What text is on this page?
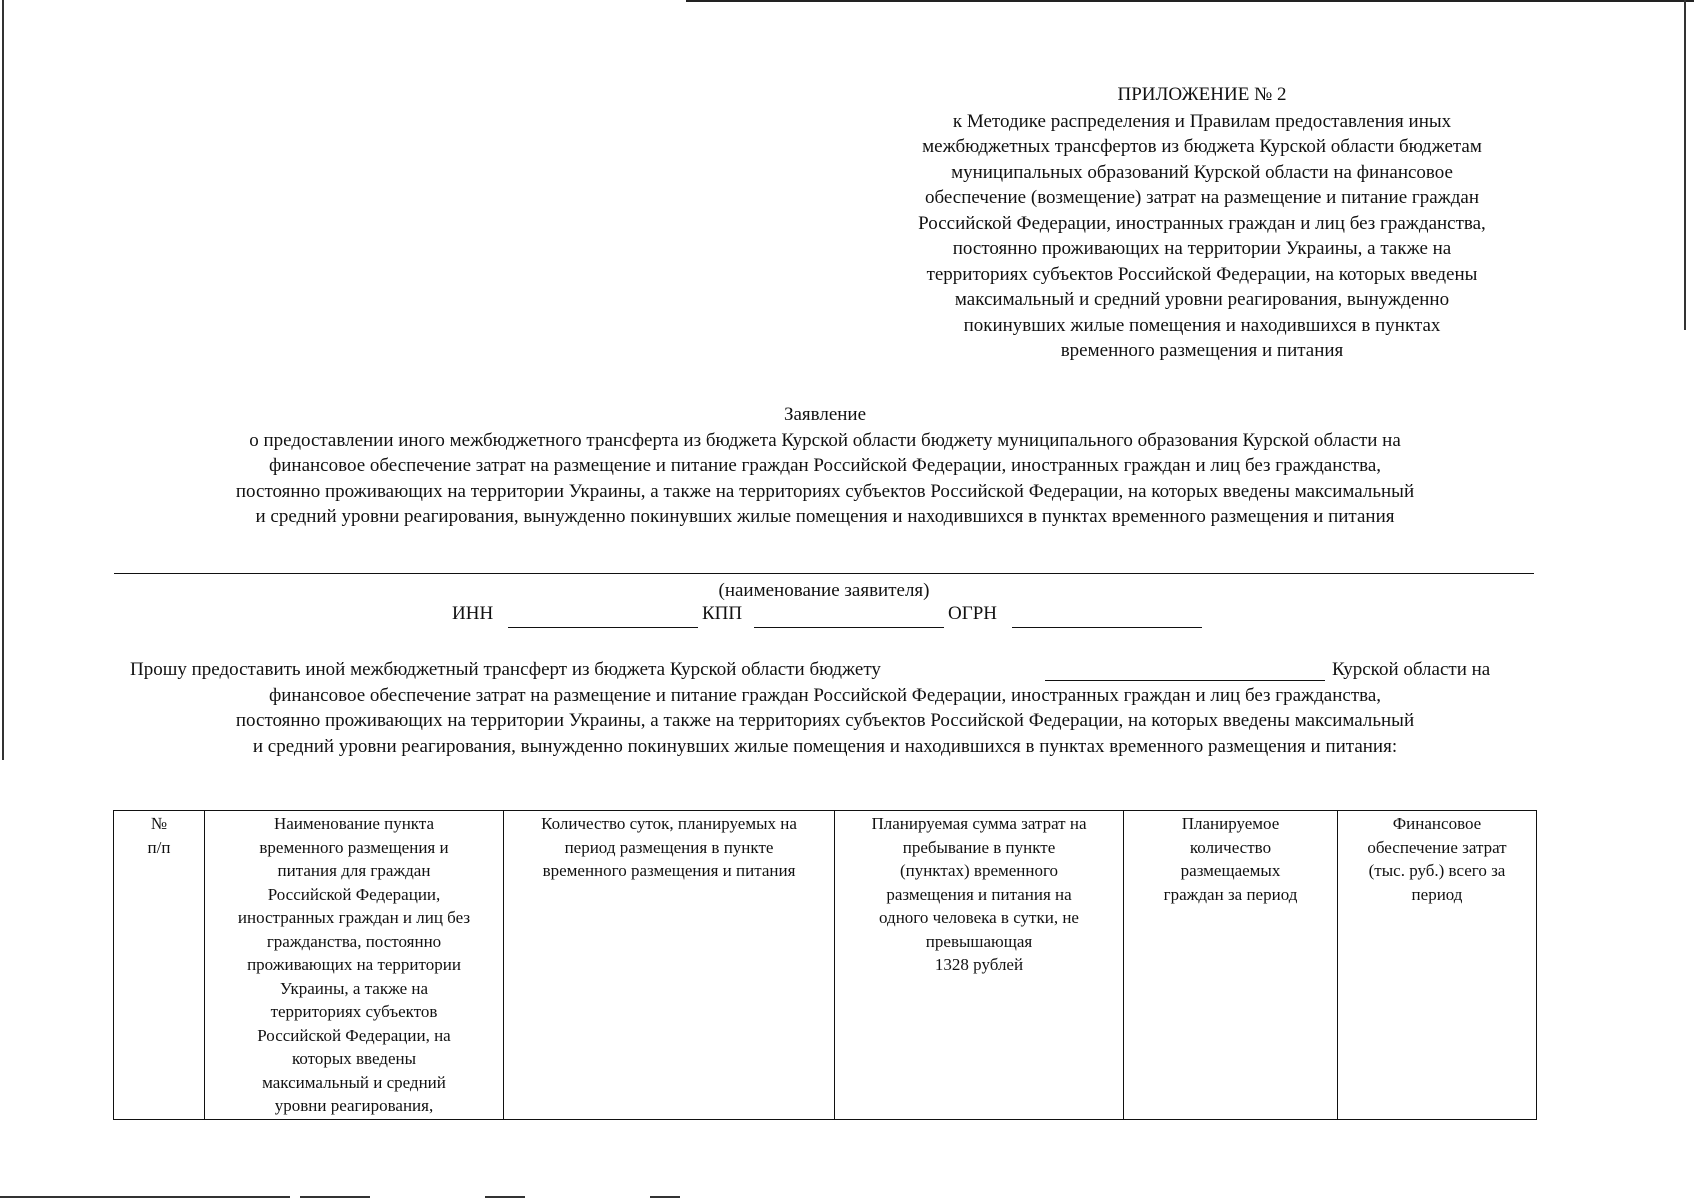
ПРИЛОЖЕНИЕ № 2
к Методике распределения и Правилам предоставления иных
межбюджетных трансфертов из бюджета Курской области бюджетам
муниципальных образований Курской области на финансовое
обеспечение (возмещение) затрат на размещение и питание граждан
Российской Федерации, иностранных граждан и лиц без гражданства,
постоянно проживающих на территории Украины, а также на
территориях субъектов Российской Федерации, на которых введены
максимальный и средний уровни реагирования, вынужденно
покинувших жилые помещения и находившихся в пунктах
временного размещения и питания
Заявление
о предоставлении иного межбюджетного трансферта из бюджета Курской области бюджету муниципального образования Курской области на
финансовое обеспечение затрат на размещение и питание граждан Российской Федерации, иностранных граждан и лиц без гражданства,
постоянно проживающих на территории Украины, а также на территориях субъектов Российской Федерации, на которых введены максимальный
и средний уровни реагирования, вынужденно покинувших жилые помещения и находившихся в пунктах временного размещения и питания
(наименование заявителя)
ИНН	КПП	ОГРН
Прошу предоставить иной межбюджетный трансферт из бюджета Курской области бюджету	Курской области на
финансовое обеспечение затрат на размещение и питание граждан Российской Федерации, иностранных граждан и лиц без гражданства,
постоянно проживающих на территории Украины, а также на территориях субъектов Российской Федерации, на которых введены максимальный
и средний уровни реагирования, вынужденно покинувших жилые помещения и находившихся в пунктах временного размещения и питания:
№
п/п

Наименование пункта
временного размещения и
питания для граждан
Российской Федерации,
иностранных граждан и лиц без
гражданства, постоянно
проживающих на территории
Украины, а также на
территориях субъектов
Российской Федерации, на
которых введены
максимальный и средний
уровни реагирования,

Количество суток, планируемых на
период размещения в пункте
временного размещения и питания

Планируемая сумма затрат на
пребывание в пункте
(пунктах) временного
размещения и питания на
одного человека в сутки, не
превышающая
1328 рублей

Планируемое
количество
размещаемых
граждан за период

Финансовое
обеспечение затрат
(тыс. руб.) всего за
период
